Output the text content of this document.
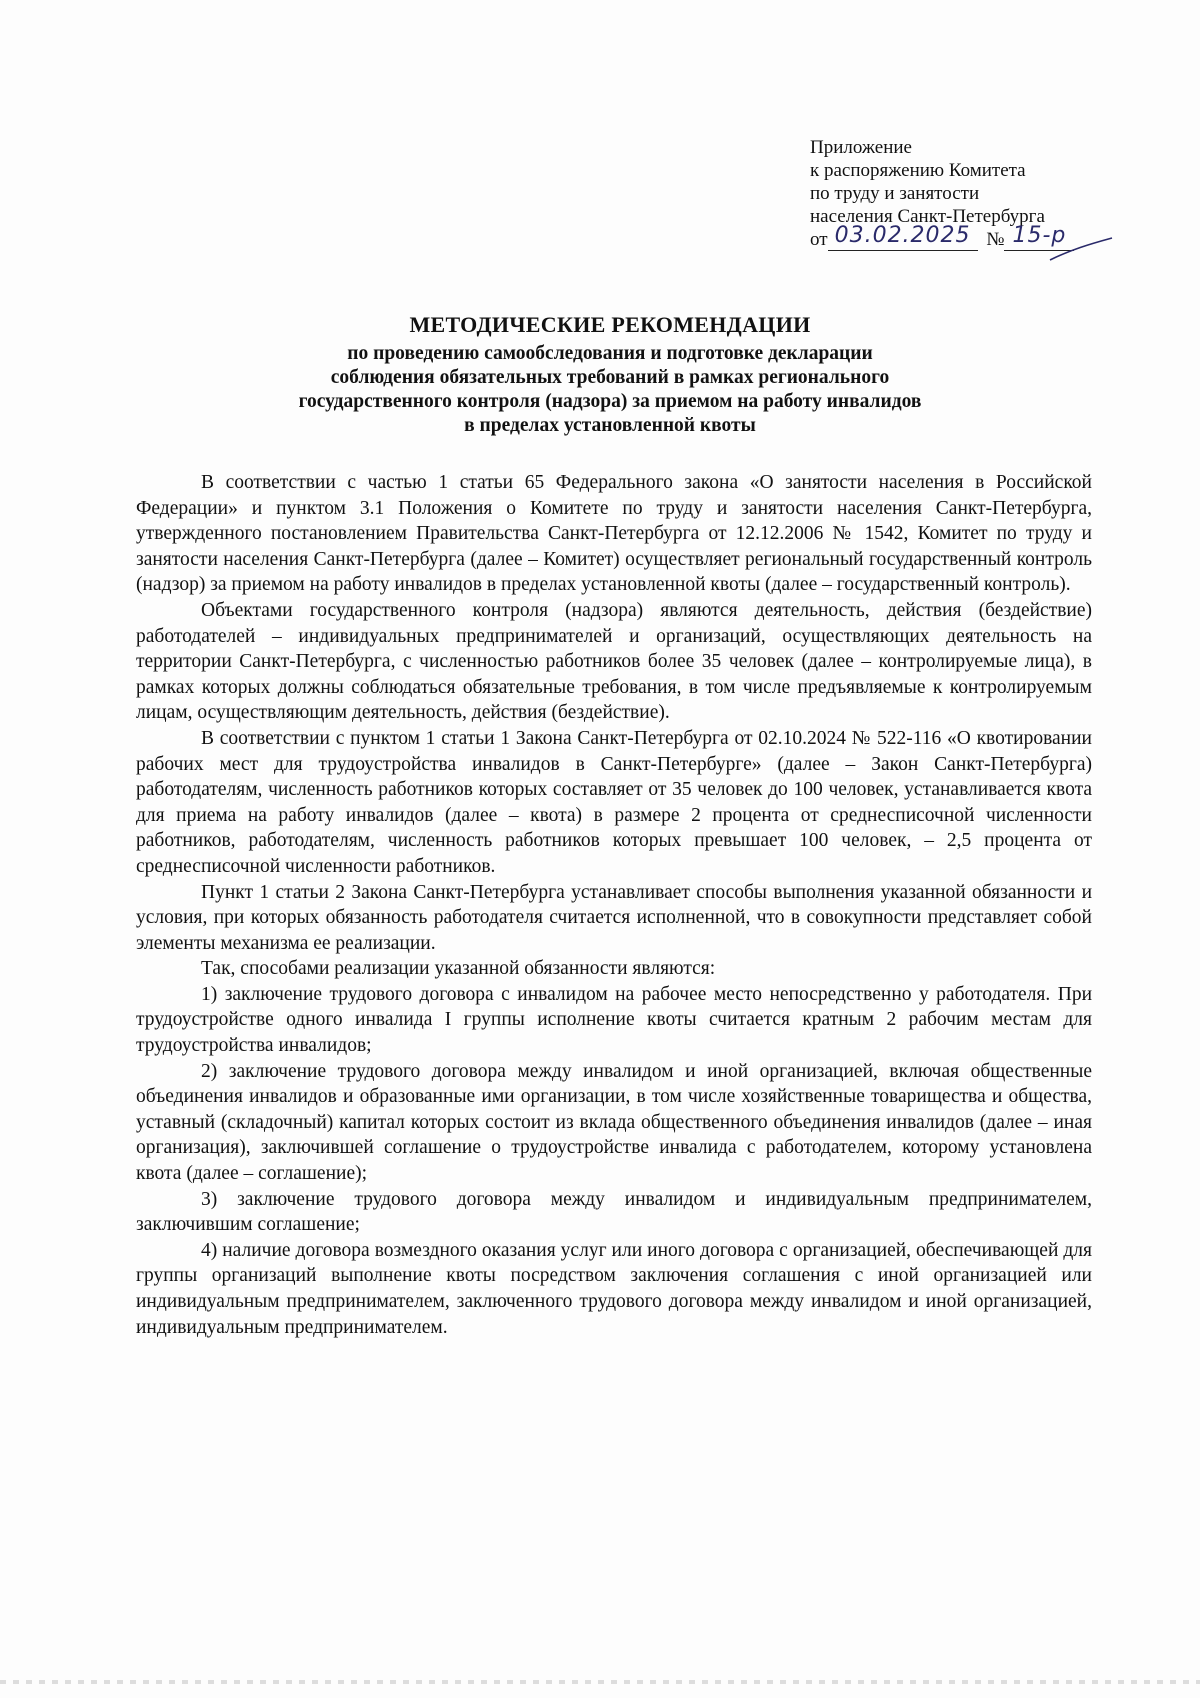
Приложение
к распоряжению Комитета
по труду и занятости
населения Санкт-Петербурга
от 03.02.2025 № 15-р
МЕТОДИЧЕСКИЕ РЕКОМЕНДАЦИИ
по проведению самообследования и подготовке декларации
соблюдения обязательных требований в рамках регионального
государственного контроля (надзора) за приемом на работу инвалидов
в пределах установленной квоты

В соответствии с частью 1 статьи 65 Федерального закона «О занятости населения в Российской Федерации» и пунктом 3.1 Положения о Комитете по труду и занятости населения Санкт-Петербурга, утвержденного постановлением Правительства Санкт-Петербурга от 12.12.2006 № 1542, Комитет по труду и занятости населения Санкт-Петербурга (далее – Комитет) осуществляет региональный государственный контроль (надзор) за приемом на работу инвалидов в пределах установленной квоты (далее – государственный контроль).

Объектами государственного контроля (надзора) являются деятельность, действия (бездействие) работодателей – индивидуальных предпринимателей и организаций, осуществляющих деятельность на территории Санкт-Петербурга, с численностью работников более 35 человек (далее – контролируемые лица), в рамках которых должны соблюдаться обязательные требования, в том числе предъявляемые к контролируемым лицам, осуществляющим деятельность, действия (бездействие).

В соответствии с пунктом 1 статьи 1 Закона Санкт-Петербурга от 02.10.2024 № 522-116 «О квотировании рабочих мест для трудоустройства инвалидов в Санкт-Петербурге» (далее – Закон Санкт-Петербурга) работодателям, численность работников которых составляет от 35 человек до 100 человек, устанавливается квота для приема на работу инвалидов (далее – квота) в размере 2 процента от среднесписочной численности работников, работодателям, численность работников которых превышает 100 человек, – 2,5 процента от среднесписочной численности работников.

Пункт 1 статьи 2 Закона Санкт-Петербурга устанавливает способы выполнения указанной обязанности и условия, при которых обязанность работодателя считается исполненной, что в совокупности представляет собой элементы механизма ее реализации.

Так, способами реализации указанной обязанности являются:

1) заключение трудового договора с инвалидом на рабочее место непосредственно у работодателя. При трудоустройстве одного инвалида I группы исполнение квоты считается кратным 2 рабочим местам для трудоустройства инвалидов;

2) заключение трудового договора между инвалидом и иной организацией, включая общественные объединения инвалидов и образованные ими организации, в том числе хозяйственные товарищества и общества, уставный (складочный) капитал которых состоит из вклада общественного объединения инвалидов (далее – иная организация), заключившей соглашение о трудоустройстве инвалида с работодателем, которому установлена квота (далее – соглашение);

3) заключение трудового договора между инвалидом и индивидуальным предпринимателем, заключившим соглашение;

4) наличие договора возмездного оказания услуг или иного договора с организацией, обеспечивающей для группы организаций выполнение квоты посредством заключения соглашения с иной организацией или индивидуальным предпринимателем, заключенного трудового договора между инвалидом и иной организацией, индивидуальным предпринимателем.
